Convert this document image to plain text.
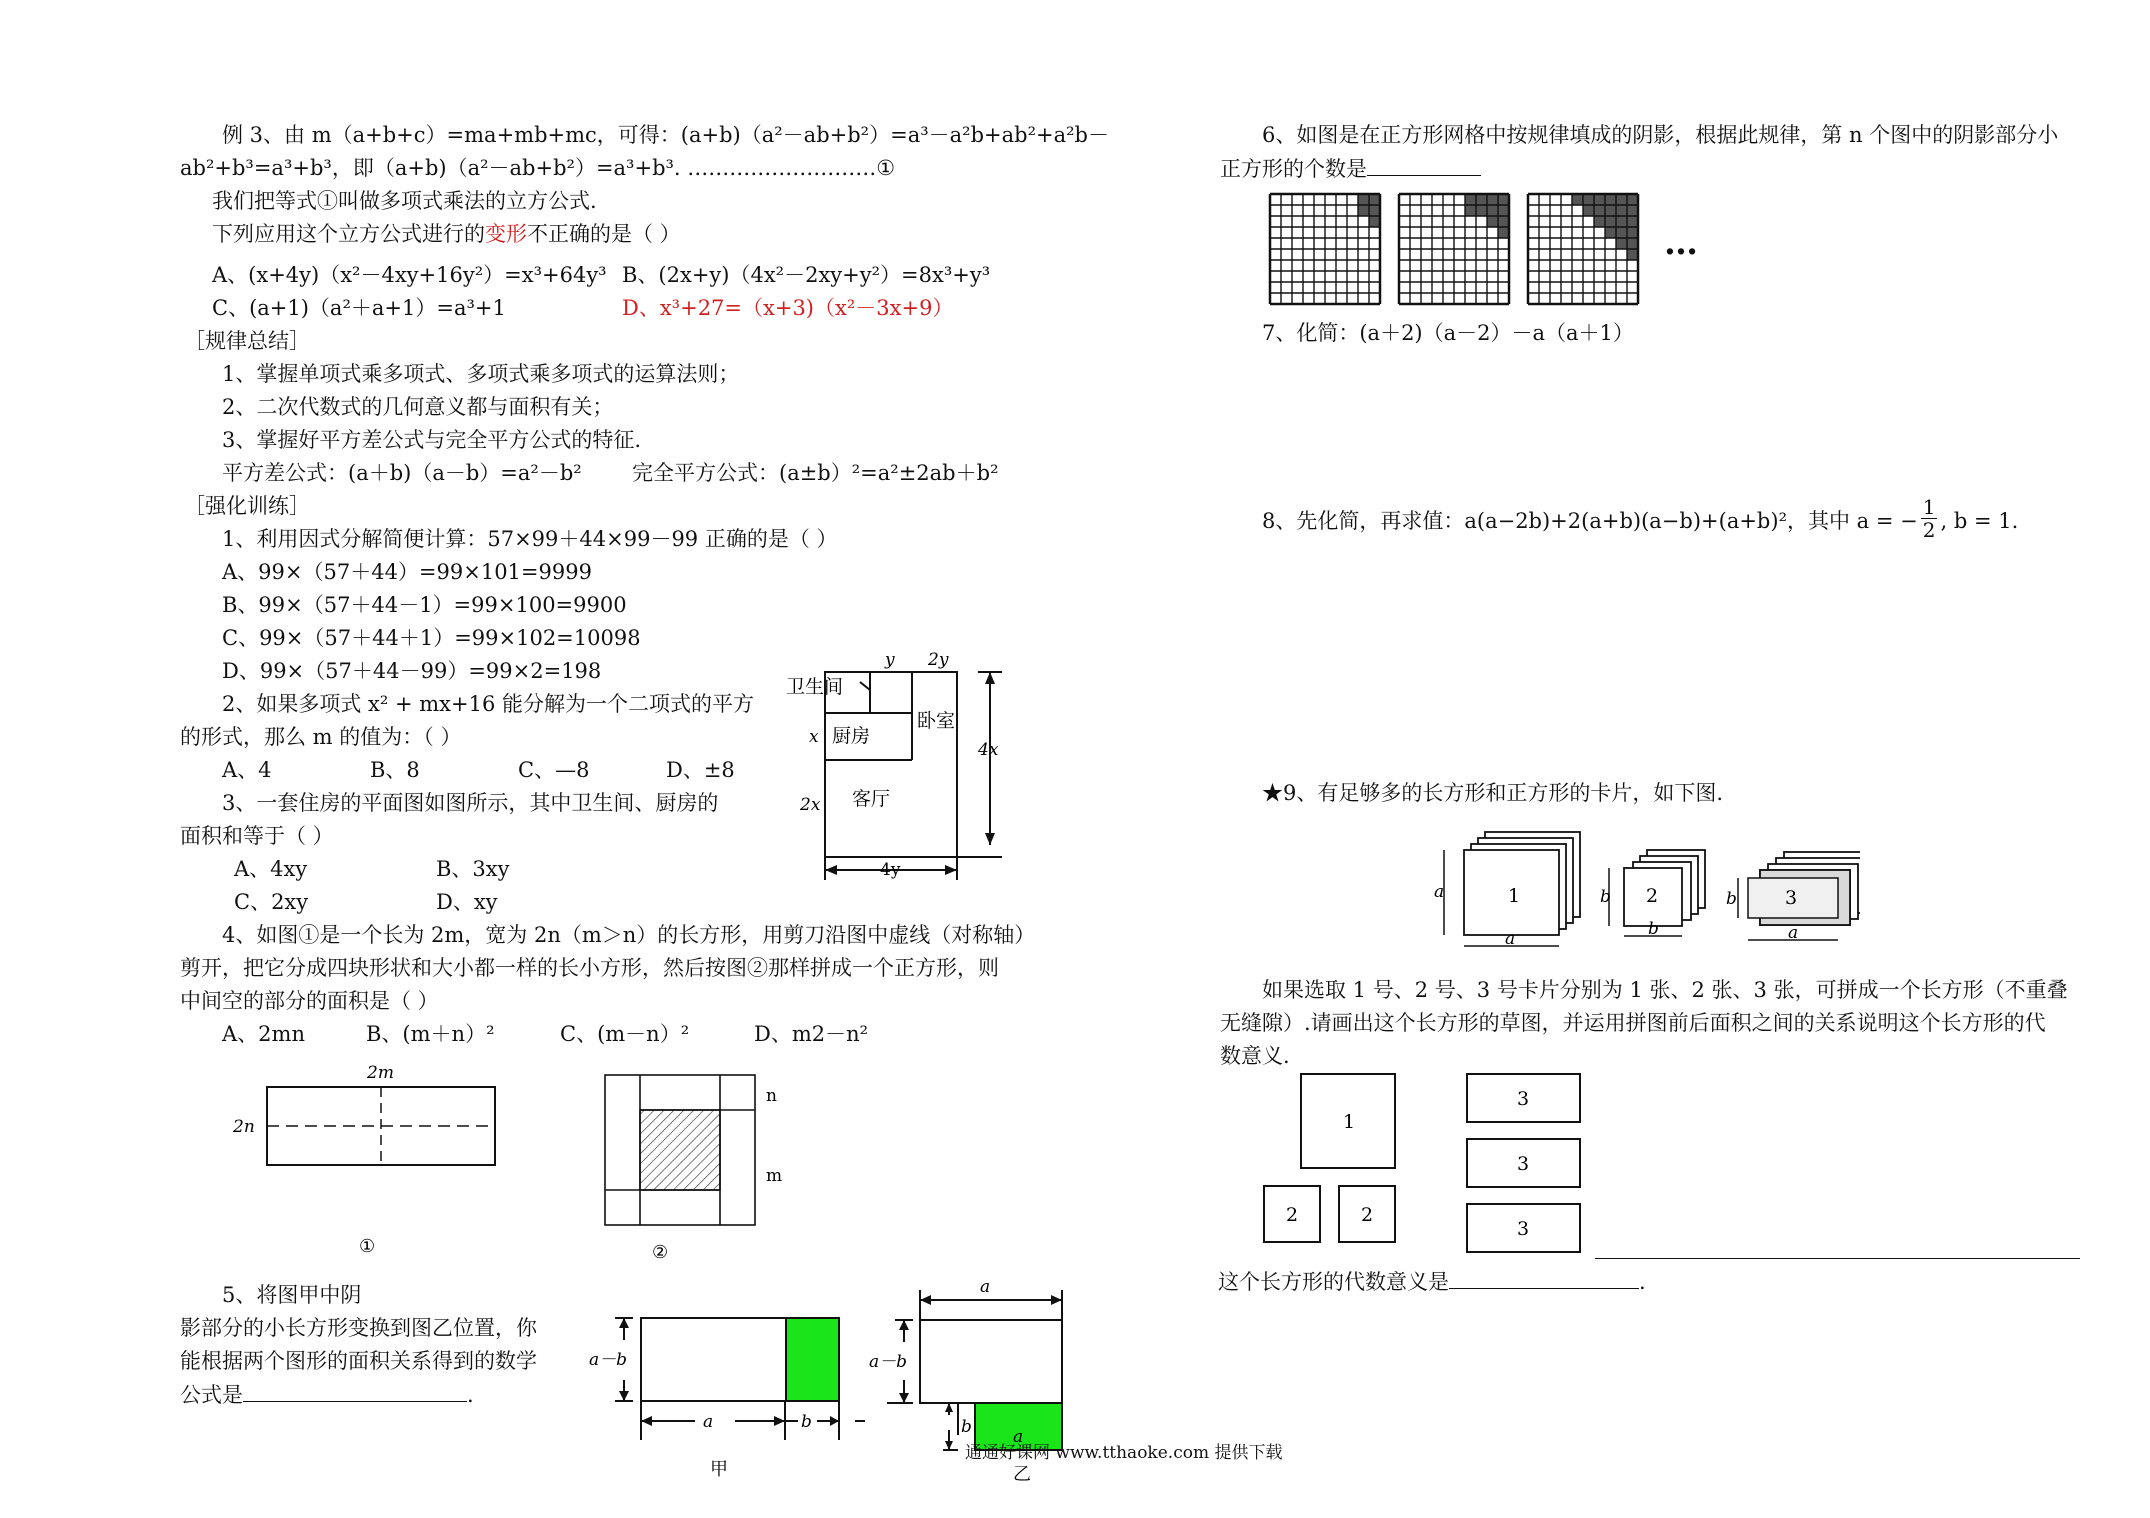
例 3、由 m（a+b+c）=ma+mb+mc，可得：(a+b)（a²－ab+b²）=a³－a²b+ab²+a²b－
ab²+b³=a³+b³，即（a+b)（a²－ab+b²）=a³+b³. ………………………①
我们把等式①叫做多项式乘法的立方公式.
下列应用这个立方公式进行的变形不正确的是（ ）
A、(x+4y)（x²－4xy+16y²）=x³+64y³ B、(2x+y)（4x²－2xy+y²）=8x³+y³
C、(a+1)（a²＋a+1）=a³+1	D、x³+27=（x+3)（x²－3x+9）
［规律总结］
1、掌握单项式乘多项式、多项式乘多项式的运算法则；
2、二次代数式的几何意义都与面积有关；
3、掌握好平方差公式与完全平方公式的特征.
平方差公式：(a＋b)（a－b）=a²－b² 完全平方公式：(a±b）²=a²±2ab＋b²
［强化训练］
1、利用因式分解简便计算：57×99＋44×99－99 正确的是（ ）
A、99×（57＋44）=99×101=9999
B、99×（57＋44－1）=99×100=9900
C、99×（57＋44＋1）=99×102=10098
D、99×（57＋44－99）=99×2=198
2、如果多项式 x² + mx+16 能分解为一个二项式的平方
的形式，那么 m 的值为：（ ）
A、4	B、8	C、—8	D、±8
3、一套住房的平面图如图所示，其中卫生间、厨房的
面积和等于（ ）
A、4xy	B、3xy
C、2xy	D、xy
4、如图①是一个长为 2m，宽为 2n（m＞n）的长方形，用剪刀沿图中虚线（对称轴）
剪开，把它分成四块形状和大小都一样的长小方形，然后按图②那样拼成一个正方形，则
中间空的部分的面积是（ ）
A、2mn	B、(m＋n）²	C、(m－n）²	D、m2－n²
5、将图甲中阴
影部分的小长方形变换到图乙位置，你
能根据两个图形的面积关系得到的数学
公式是	.
卫生间
厨房
卧室
客厅
y 2y
x
2x
4x
4y
2m
2n
①
n
m
②
a－b
a	b
甲
a
a－b
b a
乙
6、如图是在正方形网格中按规律填成的阴影，根据此规律，第 n 个图中的阴影部分小
正方形的个数是
…
7、化简：(a＋2)（a－2）－a（a＋1）
8、先化简，再求值：a(a−2b)+2(a+b)(a−b)+(a+b)²，其中 a = − $\frac{1}{2}$ , b = 1.
★9、有足够多的长方形和正方形的卡片，如下图.
1	2	3
a
a
b
b
b
a
如果选取 1 号、2 号、3 号卡片分别为 1 张、2 张、3 张，可拼成一个长方形（不重叠
无缝隙）.请画出这个长方形的草图，并运用拼图前后面积之间的关系说明这个长方形的代
数意义.
1
2	2
3
3
3
这个长方形的代数意义是	.
通通好课网 www.tthaoke.com 提供下载
